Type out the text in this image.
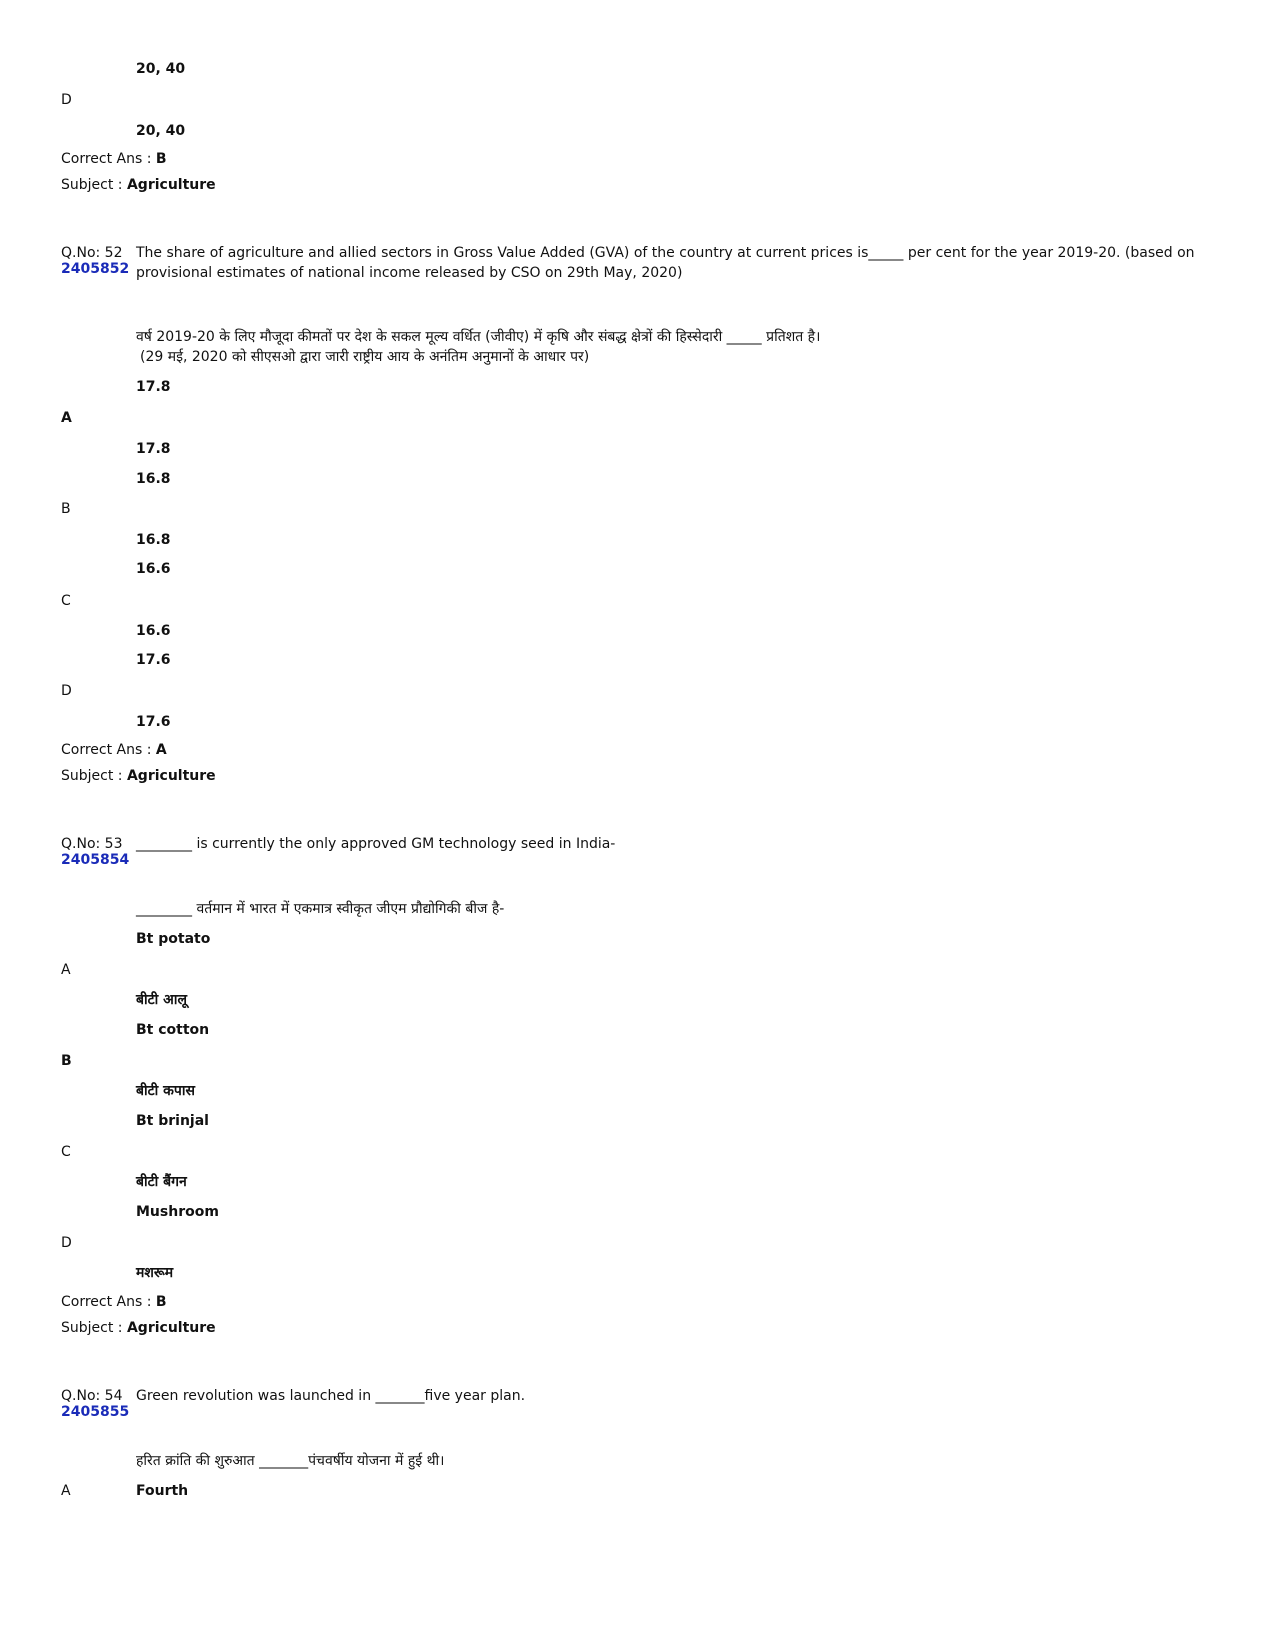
20, 40
D
20, 40
Correct Ans : B
Subject : Agriculture
Q.No: 52
2405852
The share of agriculture and allied sectors in Gross Value Added (GVA) of the country at current prices is_____ per cent for the year 2019-20. (based on
provisional estimates of national income released by CSO on 29th May, 2020)
वर्ष 2019-20 के लिए मौजूदा कीमतों पर देश के सकल मूल्य वर्धित (जीवीए) में कृषि और संबद्ध क्षेत्रों की हिस्सेदारी _____ प्रतिशत है।
(29 मई, 2020 को सीएसओ द्वारा जारी राष्ट्रीय आय के अनंतिम अनुमानों के आधार पर)
17.8
A
17.8
16.8
B
16.8
16.6
C
16.6
17.6
D
17.6
Correct Ans : A
Subject : Agriculture
Q.No: 53
2405854
________ is currently the only approved GM technology seed in India-
________ वर्तमान में भारत में एकमात्र स्वीकृत जीएम प्रौद्योगिकी बीज है-
Bt potato
A
बीटी आलू
Bt cotton
B
बीटी कपास
Bt brinjal
C
बीटी बैंगन
Mushroom
D
मशरूम
Correct Ans : B
Subject : Agriculture
Q.No: 54
2405855
Green revolution was launched in _______five year plan.
हरित क्रांति की शुरुआत _______पंचवर्षीय योजना में हुई थी।
A	Fourth
